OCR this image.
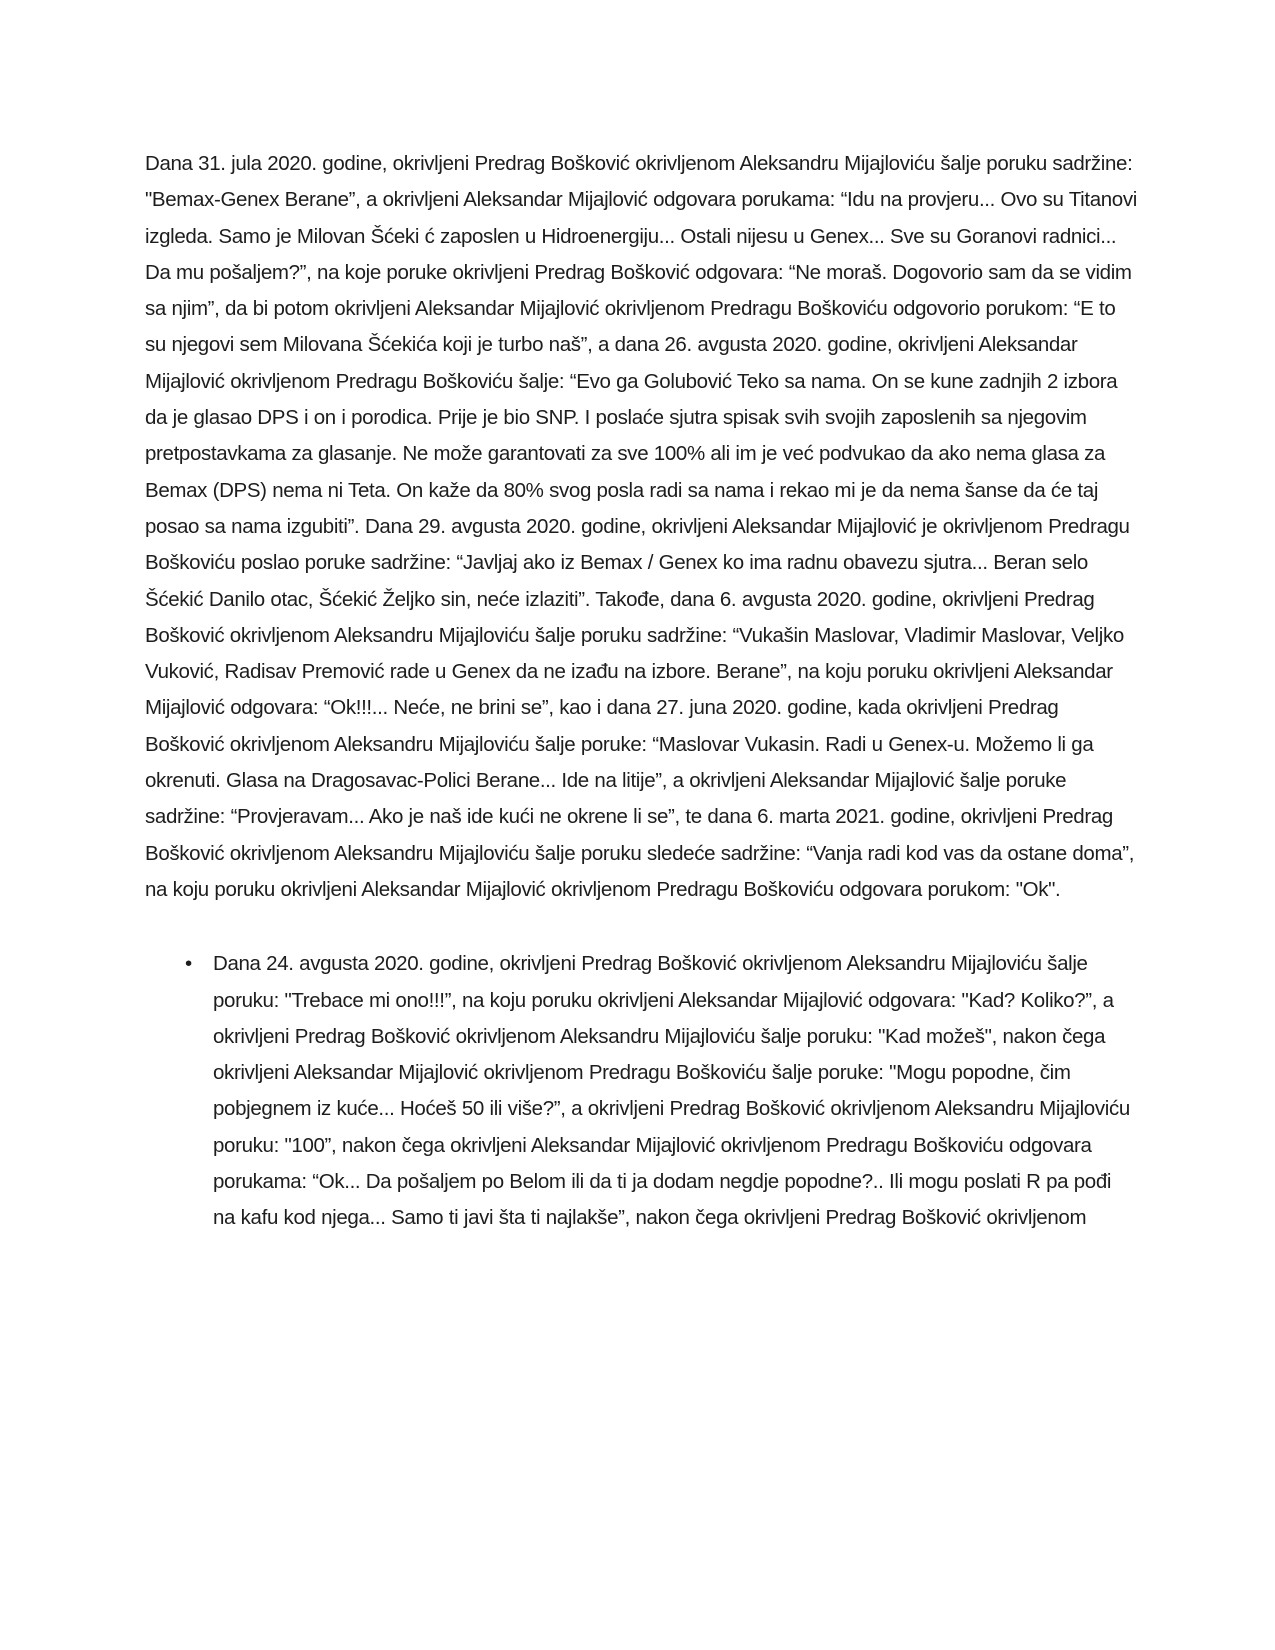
Dana 31. jula 2020. godine, okrivljeni Predrag Bošković okrivljenom Aleksandru Mijajloviću šalje poruku sadržine: "Bemax-Genex Berane”, a okrivljeni Aleksandar Mijajlović odgovara porukama: “Idu na provjeru... Ovo su Titanovi izgleda. Samo je Milovan Šćeki ć zaposlen u Hidroenergiju... Ostali nijesu u Genex... Sve su Goranovi radnici... Da mu pošaljem?”, na koje poruke okrivljeni Predrag Bošković odgovara: “Ne moraš. Dogovorio sam da se vidim sa njim”, da bi potom okrivljeni Aleksandar Mijajlović okrivljenom Predragu Boškoviću odgovorio porukom: “E to su njegovi sem Milovana Šćekića koji je turbo naš”, a dana 26. avgusta 2020. godine, okrivljeni Aleksandar Mijajlović okrivljenom Predragu Boškoviću šalje: “Evo ga Golubović Teko sa nama. On se kune zadnjih 2 izbora da je glasao DPS i on i porodica. Prije je bio SNP. I poslaće sjutra spisak svih svojih zaposlenih sa njegovim pretpostavkama za glasanje. Ne može garantovati za sve 100% ali im je već podvukao da ako nema glasa za Bemax (DPS) nema ni Teta. On kaže da 80% svog posla radi sa nama i rekao mi je da nema šanse da će taj posao sa nama izgubiti”. Dana 29. avgusta 2020. godine, okrivljeni Aleksandar Mijajlović je okrivljenom Predragu Boškoviću poslao poruke sadržine: “Javljaj ako iz Bemax / Genex ko ima radnu obavezu sjutra... Beran selo Šćekić Danilo otac, Šćekić Željko sin, neće izlaziti”. Takođe, dana 6. avgusta 2020. godine, okrivljeni Predrag Bošković okrivljenom Aleksandru Mijajloviću šalje poruku sadržine: “Vukašin Maslovar, Vladimir Maslovar, Veljko Vuković, Radisav Premović rade u Genex da ne izađu na izbore. Berane”, na koju poruku okrivljeni Aleksandar Mijajlović odgovara: “Ok!!!... Neće, ne brini se”, kao i dana 27. juna 2020. godine, kada okrivljeni Predrag Bošković okrivljenom Aleksandru Mijajloviću šalje poruke: “Maslovar Vukasin. Radi u Genex-u. Možemo li ga okrenuti. Glasa na Dragosavac-Polici Berane... Ide na litije”, a okrivljeni Aleksandar Mijajlović šalje poruke sadržine: “Provjeravam... Ako je naš ide kući ne okrene li se”, te dana 6. marta 2021. godine, okrivljeni Predrag Bošković okrivljenom Aleksandru Mijajloviću šalje poruku sledeće sadržine: “Vanja radi kod vas da ostane doma”, na koju poruku okrivljeni Aleksandar Mijajlović okrivljenom Predragu Boškoviću odgovara porukom: "Ok".

•	Dana 24. avgusta 2020. godine, okrivljeni Predrag Bošković okrivljenom Aleksandru Mijajloviću šalje poruku: "Trebace mi ono!!!”, na koju poruku okrivljeni Aleksandar Mijajlović odgovara: "Kad? Koliko?”, a okrivljeni Predrag Bošković okrivljenom Aleksandru Mijajloviću šalje poruku: "Kad možeš", nakon čega okrivljeni Aleksandar Mijajlović okrivljenom Predragu Boškoviću šalje poruke: "Mogu popodne, čim pobjegnem iz kuće... Hoćeš 50 ili više?”, a okrivljeni Predrag Bošković okrivljenom Aleksandru Mijajloviću poruku: "100”, nakon čega okrivljeni Aleksandar Mijajlović okrivljenom Predragu Boškoviću odgovara porukama: “Ok... Da pošaljem po Belom ili da ti ja dodam negdje popodne?.. Ili mogu poslati R pa pođi na kafu kod njega... Samo ti javi šta ti najlakše”, nakon čega okrivljeni Predrag Bošković okrivljenom
